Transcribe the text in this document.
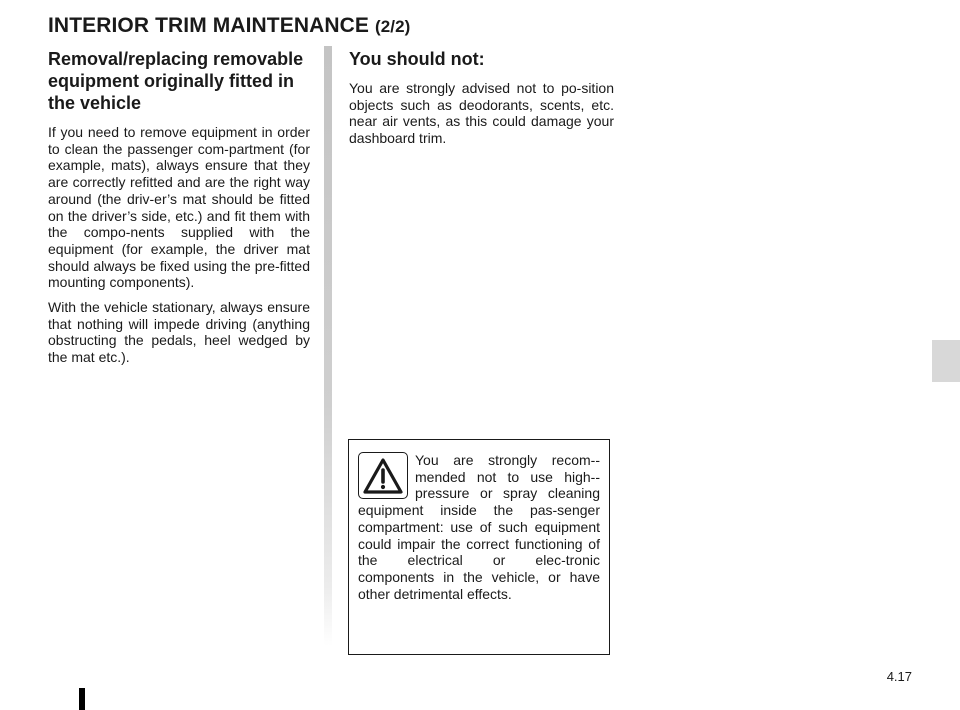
INTERIOR TRIM MAINTENANCE (2/2)
Removal/replacing removable equipment originally fitted in the vehicle

If you need to remove equipment in order to clean the passenger com-partment (for example, mats), always ensure that they are correctly refitted and are the right way around (the driv-er’s mat should be fitted on the driver’s side, etc.) and fit them with the compo-nents supplied with the equipment (for example, the driver mat should always be fixed using the pre-fitted mounting components).

With the vehicle stationary, always ensure that nothing will impede driving (anything obstructing the pedals, heel wedged by the mat etc.).

You should not:

You are strongly advised not to po-sition objects such as deodorants, scents, etc. near air vents, as this could damage your dashboard trim.

You are strongly recom-mended not to use high-pressure or spray cleaning equipment inside the pas-senger compartment: use of such equipment could impair the correct functioning of the electrical or elec-tronic components in the vehicle, or have other detrimental effects.

4.17
